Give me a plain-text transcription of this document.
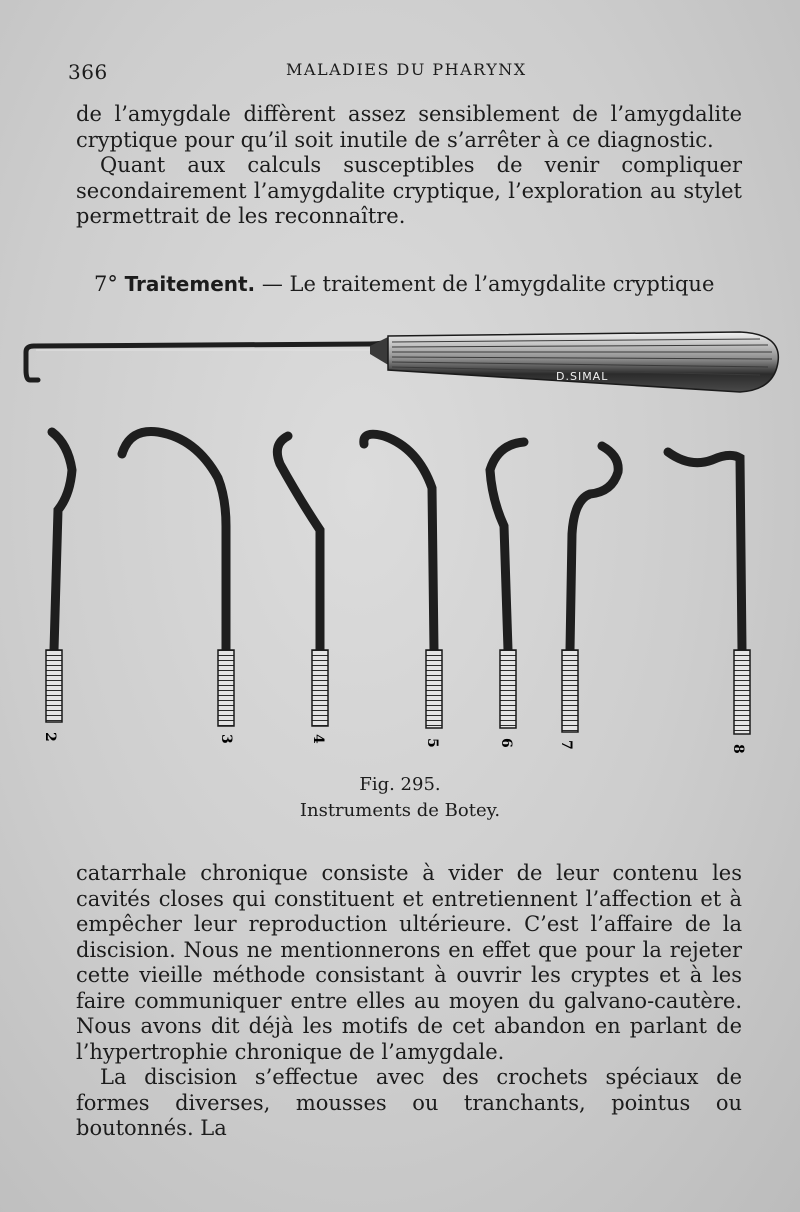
366	MALADIES DU PHARYNX

de l’amygdale diffèrent assez sensiblement de l’amygdalite cryptique pour qu’il soit inutile de s’arrêter à ce diagnostic.

Quant aux calculs susceptibles de venir compliquer secondairement l’amygdalite cryptique, l’exploration au stylet permettrait de les reconnaître.

7° Traitement. — Le traitement de l’amygdalite cryptique
D.SIMAL
2	3	4	5	6	7	8
Fig. 295.
Instruments de Botey.

catarrhale chronique consiste à vider de leur contenu les cavités closes qui constituent et entretiennent l’affection et à empêcher leur reproduction ultérieure. C’est l’affaire de la discision. Nous ne mentionnerons en effet que pour la rejeter cette vieille méthode consistant à ouvrir les cryptes et à les faire communiquer entre elles au moyen du galvano-cautère. Nous avons dit déjà les motifs de cet abandon en parlant de l’hypertrophie chronique de l’amygdale.

La discision s’effectue avec des crochets spéciaux de formes diverses, mousses ou tranchants, pointus ou boutonnés. La
